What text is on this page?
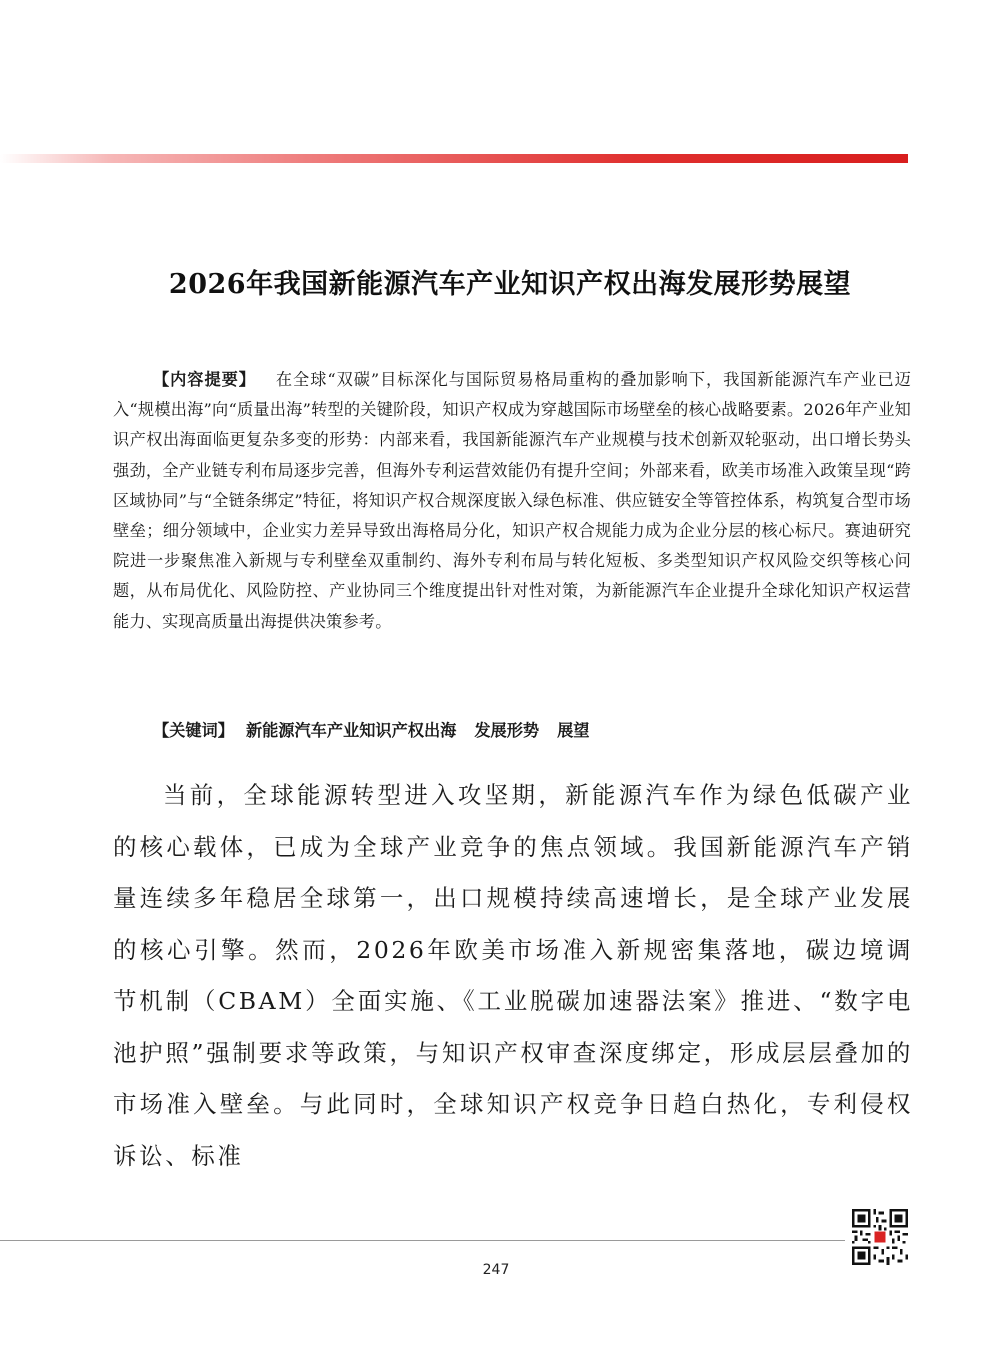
2026年我国新能源汽车产业知识产权出海发展形势展望

【内容提要】 在全球“双碳”目标深化与国际贸易格局重构的叠加影响下，我国新能源汽车产业已迈入“规模出海”向“质量出海”转型的关键阶段，知识产权成为穿越国际市场壁垒的核心战略要素。2026年产业知识产权出海面临更复杂多变的形势：内部来看，我国新能源汽车产业规模与技术创新双轮驱动，出口增长势头强劲，全产业链专利布局逐步完善，但海外专利运营效能仍有提升空间；外部来看，欧美市场准入政策呈现“跨区域协同”与“全链条绑定”特征，将知识产权合规深度嵌入绿色标准、供应链安全等管控体系，构筑复合型市场壁垒；细分领域中，企业实力差异导致出海格局分化，知识产权合规能力成为企业分层的核心标尺。赛迪研究院进一步聚焦准入新规与专利壁垒双重制约、海外专利布局与转化短板、多类型知识产权风险交织等核心问题，从布局优化、风险防控、产业协同三个维度提出针对性对策，为新能源汽车企业提升全球化知识产权运营能力、实现高质量出海提供决策参考。

【关键词】 新能源汽车产业知识产权出海 发展形势 展望

当前，全球能源转型进入攻坚期，新能源汽车作为绿色低碳产业的核心载体，已成为全球产业竞争的焦点领域。我国新能源汽车产销量连续多年稳居全球第一，出口规模持续高速增长，是全球产业发展的核心引擎。然而，2026年欧美市场准入新规密集落地，碳边境调节机制（CBAM）全面实施、《工业脱碳加速器法案》推进、“数字电池护照”强制要求等政策，与知识产权审查深度绑定，形成层层叠加的市场准入壁垒。与此同时，全球知识产权竞争日趋白热化，专利侵权诉讼、标准

247
